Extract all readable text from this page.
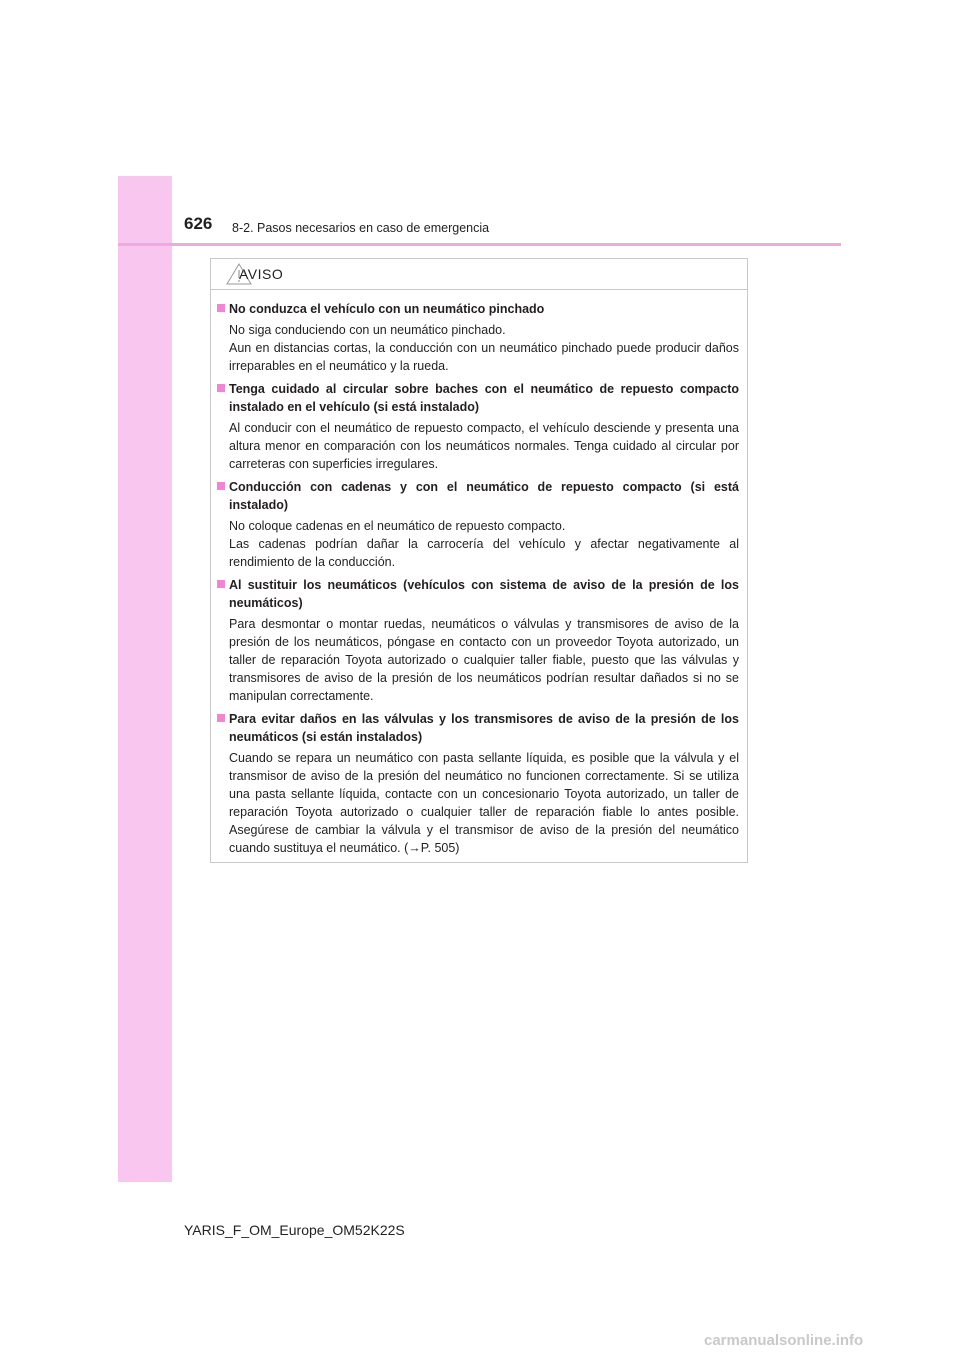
626 8-2. Pasos necesarios en caso de emergencia
AVISO
No conduzca el vehículo con un neumático pinchado

No siga conduciendo con un neumático pinchado.

Aun en distancias cortas, la conducción con un neumático pinchado puede producir daños irreparables en el neumático y la rueda.

Tenga cuidado al circular sobre baches con el neumático de repuesto compacto instalado en el vehículo (si está instalado)

Al conducir con el neumático de repuesto compacto, el vehículo desciende y presenta una altura menor en comparación con los neumáticos normales. Tenga cuidado al circular por carreteras con superficies irregulares.

Conducción con cadenas y con el neumático de repuesto compacto (si está instalado)

No coloque cadenas en el neumático de repuesto compacto.

Las cadenas podrían dañar la carrocería del vehículo y afectar negativamente al rendimiento de la conducción.

Al sustituir los neumáticos (vehículos con sistema de aviso de la presión de los neumáticos)

Para desmontar o montar ruedas, neumáticos o válvulas y transmisores de aviso de la presión de los neumáticos, póngase en contacto con un proveedor Toyota autorizado, un taller de reparación Toyota autorizado o cualquier taller fiable, puesto que las válvulas y transmisores de aviso de la presión de los neumáticos podrían resultar dañados si no se manipulan correctamente.

Para evitar daños en las válvulas y los transmisores de aviso de la presión de los neumáticos (si están instalados)

Cuando se repara un neumático con pasta sellante líquida, es posible que la válvula y el transmisor de aviso de la presión del neumático no funcionen correctamente. Si se utiliza una pasta sellante líquida, contacte con un concesionario Toyota autorizado, un taller de reparación Toyota autorizado o cualquier taller de reparación fiable lo antes posible. Asegúrese de cambiar la válvula y el transmisor de aviso de la presión del neumático cuando sustituya el neumático. (→P. 505)

YARIS_F_OM_Europe_OM52K22S
carmanualsonline.info
